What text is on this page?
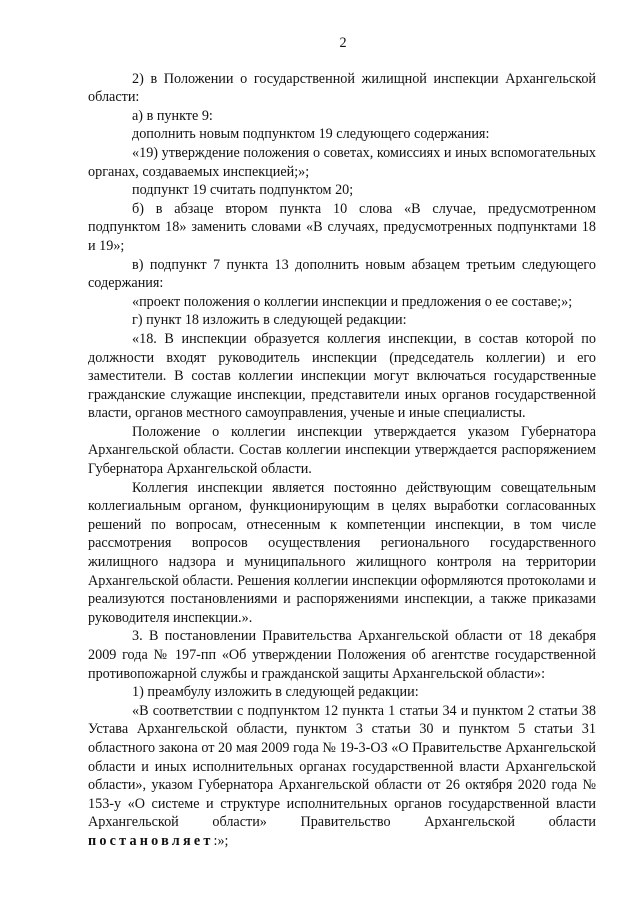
2

2) в Положении о государственной жилищной инспекции Архангельской области:

а) в пункте 9:

дополнить новым подпунктом 19 следующего содержания:

«19) утверждение положения о советах, комиссиях и иных вспомогательных органах, создаваемых инспекцией;»;

подпункт 19 считать подпунктом 20;

б) в абзаце втором пункта 10 слова «В случае, предусмотренном подпунктом 18» заменить словами «В случаях, предусмотренных подпунктами 18 и 19»;

в) подпункт 7 пункта 13 дополнить новым абзацем третьим следующего содержания:

«проект положения о коллегии инспекции и предложения о ее составе;»;

г) пункт 18 изложить в следующей редакции:

«18. В инспекции образуется коллегия инспекции, в состав которой по должности входят руководитель инспекции (председатель коллегии) и его заместители. В состав коллегии инспекции могут включаться государственные гражданские служащие инспекции, представители иных органов государственной власти, органов местного самоуправления, ученые и иные специалисты.

Положение о коллегии инспекции утверждается указом Губернатора Архангельской области. Состав коллегии инспекции утверждается распоряжением Губернатора Архангельской области.

Коллегия инспекции является постоянно действующим совещательным коллегиальным органом, функционирующим в целях выработки согласованных решений по вопросам, отнесенным к компетенции инспекции, в том числе рассмотрения вопросов осуществления регионального государственного жилищного надзора и муниципального жилищного контроля на территории Архангельской области. Решения коллегии инспекции оформляются протоколами и реализуются постановлениями и распоряжениями инспекции, а также приказами руководителя инспекции.».

3. В постановлении Правительства Архангельской области от 18 декабря 2009 года № 197-пп «Об утверждении Положения об агентстве государственной противопожарной службы и гражданской защиты Архангельской области»:

1) преамбулу изложить в следующей редакции:

«В соответствии с подпунктом 12 пункта 1 статьи 34 и пунктом 2 статьи 38 Устава Архангельской области, пунктом 3 статьи 30 и пунктом 5 статьи 31 областного закона от 20 мая 2009 года № 19-3-ОЗ «О Правительстве Архангельской области и иных исполнительных органах государственной власти Архангельской области», указом Губернатора Архангельской области от 26 октября 2020 года № 153-у «О системе и структуре исполнительных органов государственной власти Архангельской области» Правительство Архангельской области постановляет:»;
